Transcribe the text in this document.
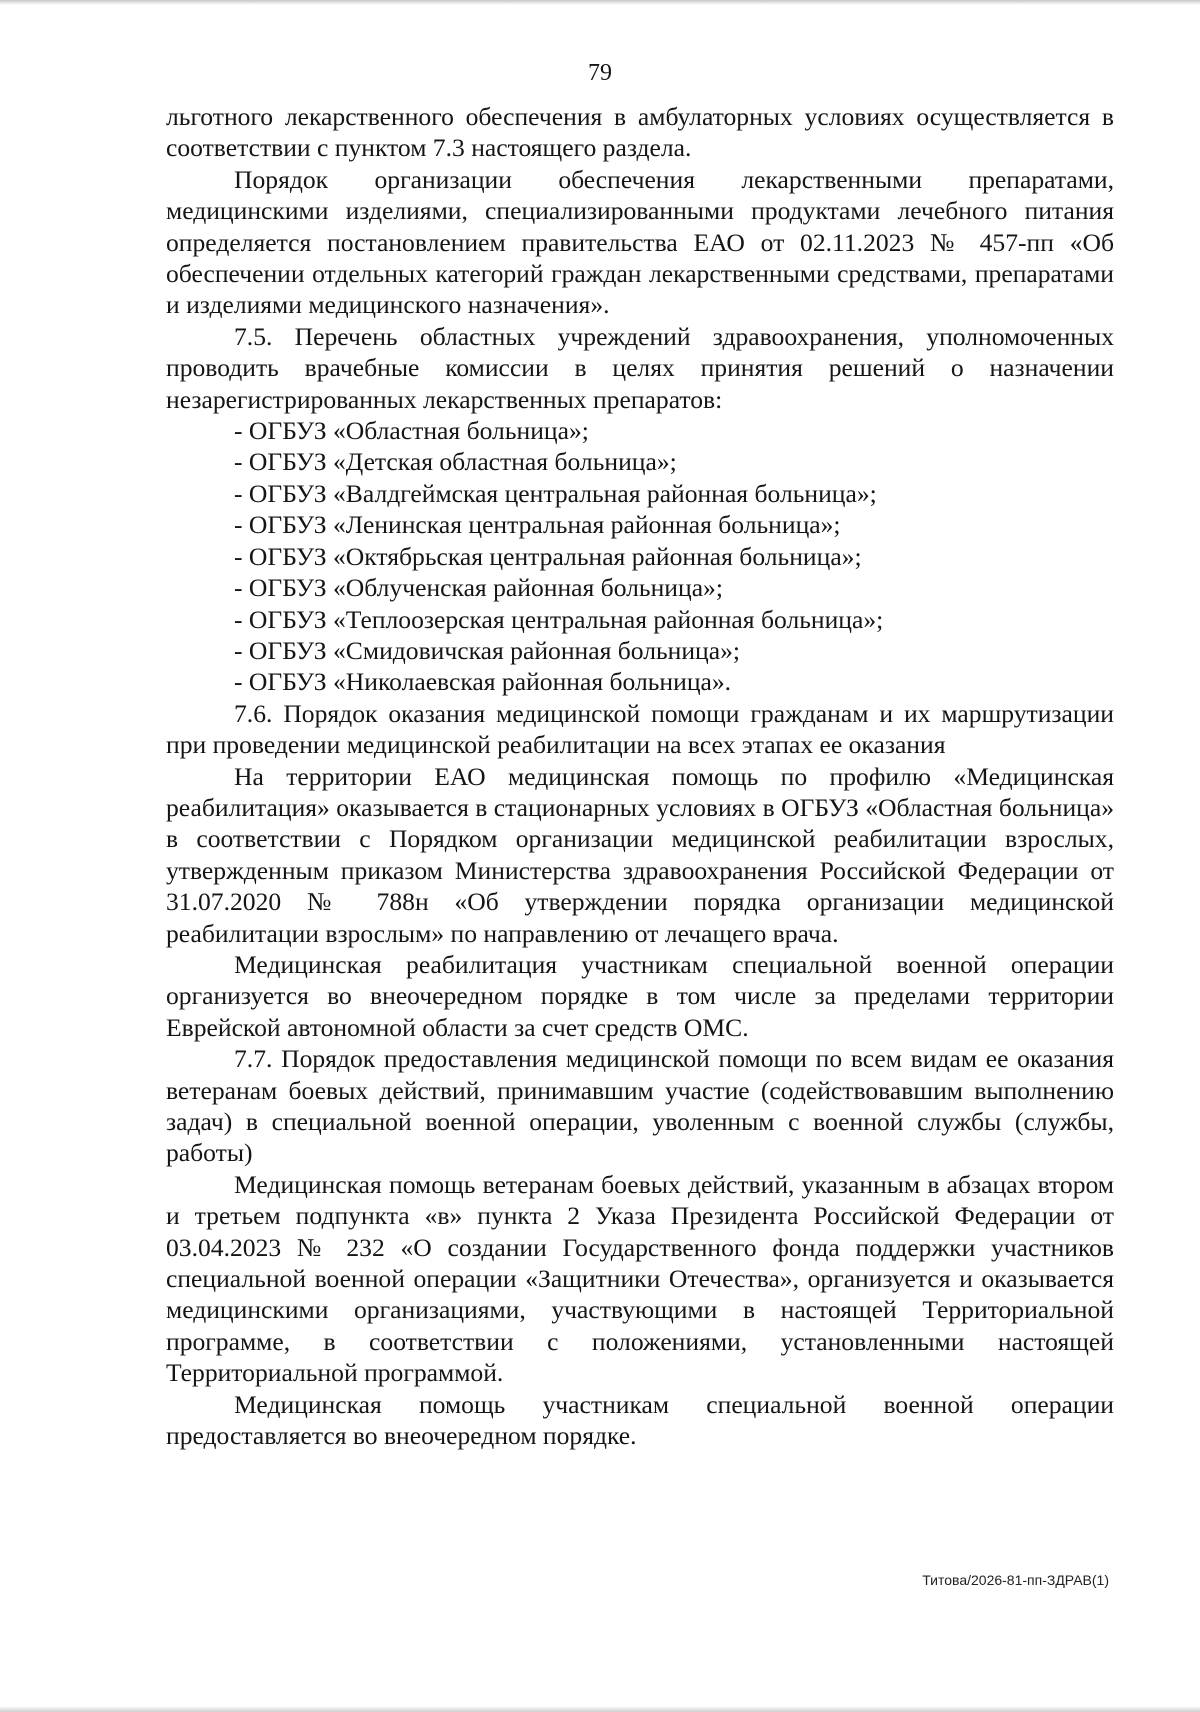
79

льготного лекарственного обеспечения в амбулаторных условиях осуществляется в соответствии с пунктом 7.3 настоящего раздела.

Порядок организации обеспечения лекарственными препаратами, медицинскими изделиями, специализированными продуктами лечебного питания определяется постановлением правительства ЕАО от 02.11.2023 № 457-пп «Об обеспечении отдельных категорий граждан лекарственными средствами, препаратами и изделиями медицинского назначения».

7.5. Перечень областных учреждений здравоохранения, уполномоченных проводить врачебные комиссии в целях принятия решений о назначении незарегистрированных лекарственных препаратов:

- ОГБУЗ «Областная больница»;

- ОГБУЗ «Детская областная больница»;

- ОГБУЗ «Валдгеймская центральная районная больница»;

- ОГБУЗ «Ленинская центральная районная больница»;

- ОГБУЗ «Октябрьская центральная районная больница»;

- ОГБУЗ «Облученская районная больница»;

- ОГБУЗ «Теплоозерская центральная районная больница»;

- ОГБУЗ «Смидовичская районная больница»;

- ОГБУЗ «Николаевская районная больница».

7.6. Порядок оказания медицинской помощи гражданам и их маршрутизации при проведении медицинской реабилитации на всех этапах ее оказания

На территории ЕАО медицинская помощь по профилю «Медицинская реабилитация» оказывается в стационарных условиях в ОГБУЗ «Областная больница» в соответствии с Порядком организации медицинской реабилитации взрослых, утвержденным приказом Министерства здравоохранения Российской Федерации от 31.07.2020 № 788н «Об утверждении порядка организации медицинской реабилитации взрослым» по направлению от лечащего врача.

Медицинская реабилитация участникам специальной военной операции организуется во внеочередном порядке в том числе за пределами территории Еврейской автономной области за счет средств ОМС.

7.7. Порядок предоставления медицинской помощи по всем видам ее оказания ветеранам боевых действий, принимавшим участие (содействовавшим выполнению задач) в специальной военной операции, уволенным с военной службы (службы, работы)

Медицинская помощь ветеранам боевых действий, указанным в абзацах втором и третьем подпункта «в» пункта 2 Указа Президента Российской Федерации от 03.04.2023 № 232 «О создании Государственного фонда поддержки участников специальной военной операции «Защитники Отечества», организуется и оказывается медицинскими организациями, участвующими в настоящей Территориальной программе, в соответствии с положениями, установленными настоящей Территориальной программой.

Медицинская помощь участникам специальной военной операции предоставляется во внеочередном порядке.

Титова/2026-81-пп-ЗДРАВ(1)
